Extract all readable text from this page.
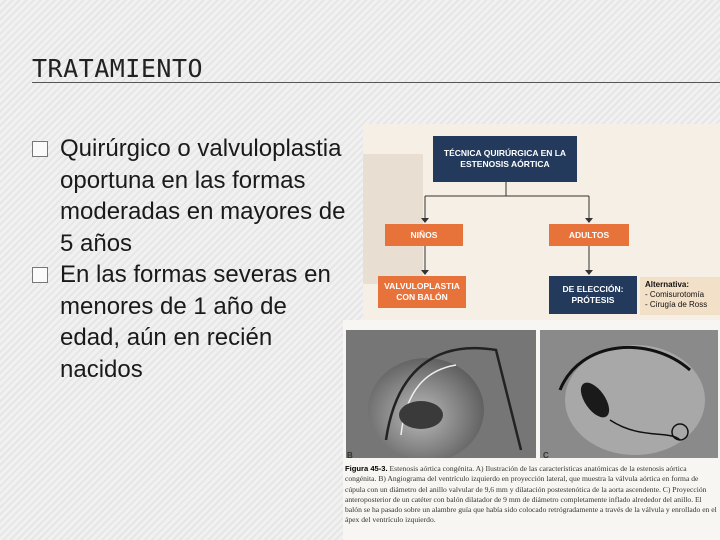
TRATAMIENTO
Quirúrgico o valvuloplastia oportuna en las formas moderadas en mayores de 5 años
En las formas severas en menores de 1 año de edad, aún en recién nacidos
TÉCNICA QUIRÚRGICA EN LA ESTENOSIS AÓRTICA
NIÑOS	ADULTOS
VALVULOPLASTIA CON BALÓN
DE ELECCIÓN: PRÓTESIS
Alternativa:
- Comisurotomía
- Cirugía de Ross
B	C
Figura 45-3. Estenosis aórtica congénita. A) Ilustración de las características anatómicas de la estenosis aórtica congénita. B) Angiograma del ventrículo izquierdo en proyección lateral, que muestra la válvula aórtica en forma de cúpula con un diámetro del anillo valvular de 9,6 mm y dilatación postestenótica de la aorta ascendente. C) Proyección anteroposterior de un catéter con balón dilatador de 9 mm de diámetro completamente inflado alrededor del anillo. El balón se ha pasado sobre un alambre guía que había sido colocado retrógradamente a través de la válvula y enrollado en el ápex del ventrículo izquierdo.
